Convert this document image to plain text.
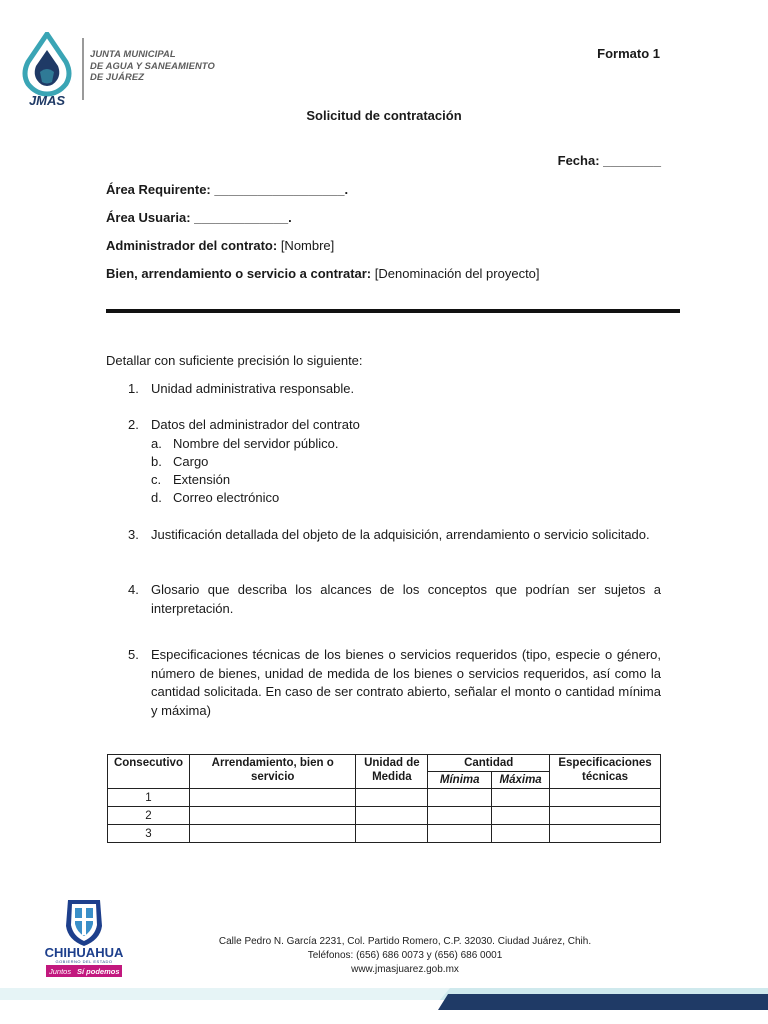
JMAS
JUNTA MUNICIPAL
DE AGUA Y SANEAMIENTO
DE JUÁREZ
Formato 1
Solicitud de contratación
Fecha: ________
Área Requirente: __________________.
Área Usuaria: _____________.
Administrador del contrato: [Nombre]
Bien, arrendamiento o servicio a contratar: [Denominación del proyecto]
Detallar con suficiente precisión lo siguiente:
1. Unidad administrativa responsable.
2. Datos del administrador del contrato
a. Nombre del servidor público.
b. Cargo
c. Extensión
d. Correo electrónico
3. Justificación detallada del objeto de la adquisición, arrendamiento o servicio solicitado.
4. Glosario que describa los alcances de los conceptos que podrían ser sujetos a interpretación.
5. Especificaciones técnicas de los bienes o servicios requeridos (tipo, especie o género, número de bienes, unidad de medida de los bienes o servicios requeridos, así como la cantidad solicitada. En caso de ser contrato abierto, señalar el monto o cantidad mínima y máxima)
Consecutivo	Arrendamiento, bien o servicio	Unidad de Medida	Cantidad		Especificaciones técnicas
			Mínima	Máxima	
1					
2					
3					
CHIHUAHUA
GOBIERNO DEL ESTADO
Juntos Sí podemos
Calle Pedro N. García 2231, Col. Partido Romero, C.P. 32030. Ciudad Juárez, Chih.
Teléfonos: (656) 686 0073 y (656) 686 0001
www.jmasjuarez.gob.mx
